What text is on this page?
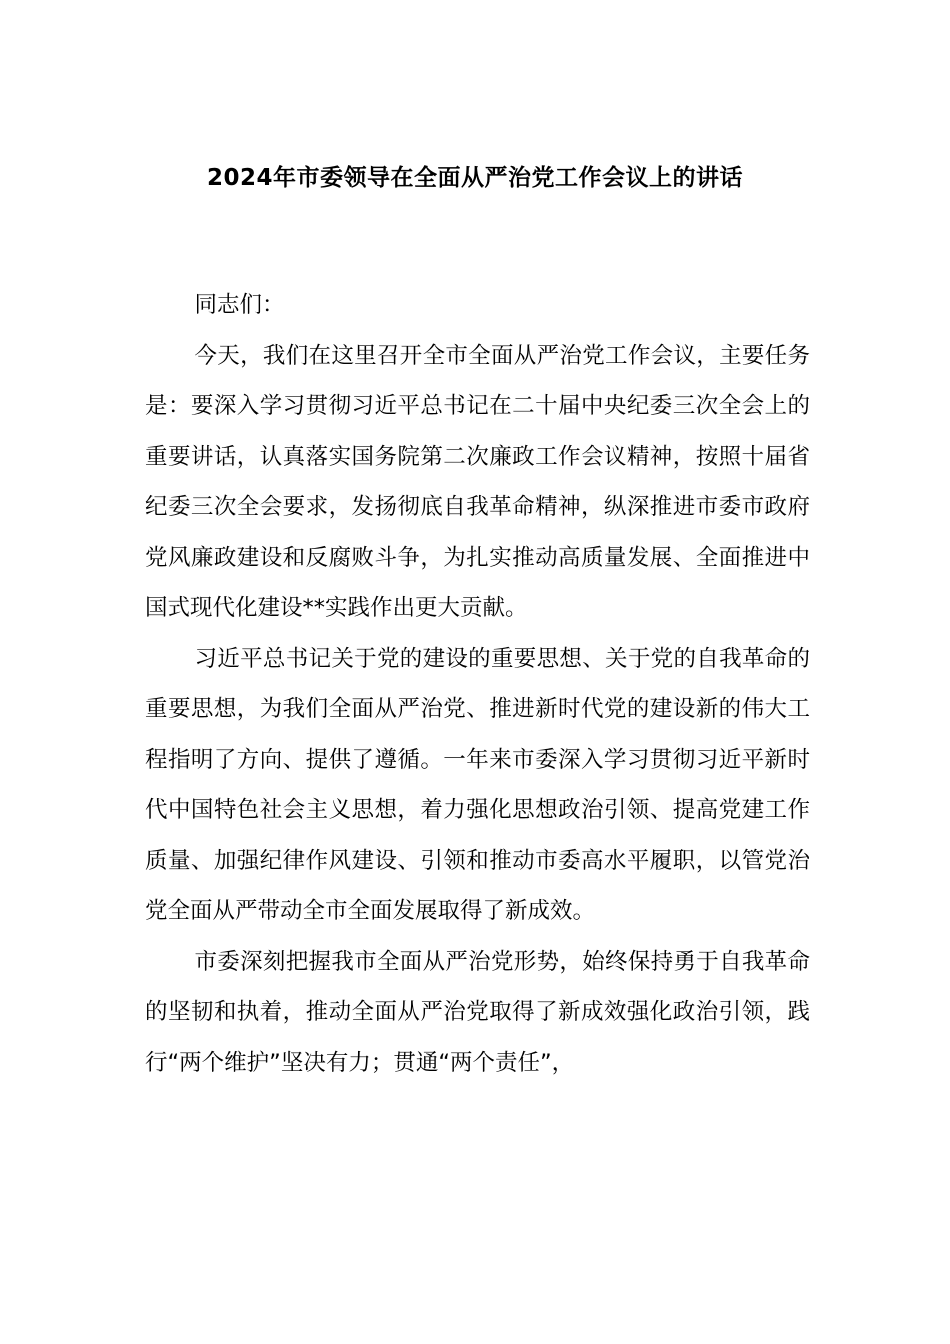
2024年市委领导在全面从严治党工作会议上的讲话

同志们：

今天，我们在这里召开全市全面从严治党工作会议，主要任务是：要深入学习贯彻习近平总书记在二十届中央纪委三次全会上的重要讲话，认真落实国务院第二次廉政工作会议精神，按照十届省纪委三次全会要求，发扬彻底自我革命精神，纵深推进市委市政府党风廉政建设和反腐败斗争，为扎实推动高质量发展、全面推进中国式现代化建设**实践作出更大贡献。

习近平总书记关于党的建设的重要思想、关于党的自我革命的重要思想，为我们全面从严治党、推进新时代党的建设新的伟大工程指明了方向、提供了遵循。一年来市委深入学习贯彻习近平新时代中国特色社会主义思想，着力强化思想政治引领、提高党建工作质量、加强纪律作风建设、引领和推动市委高水平履职，以管党治党全面从严带动全市全面发展取得了新成效。

市委深刻把握我市全面从严治党形势，始终保持勇于自我革命的坚韧和执着，推动全面从严治党取得了新成效强化政治引领，践行“两个维护”坚决有力；贯通“两个责任”，
